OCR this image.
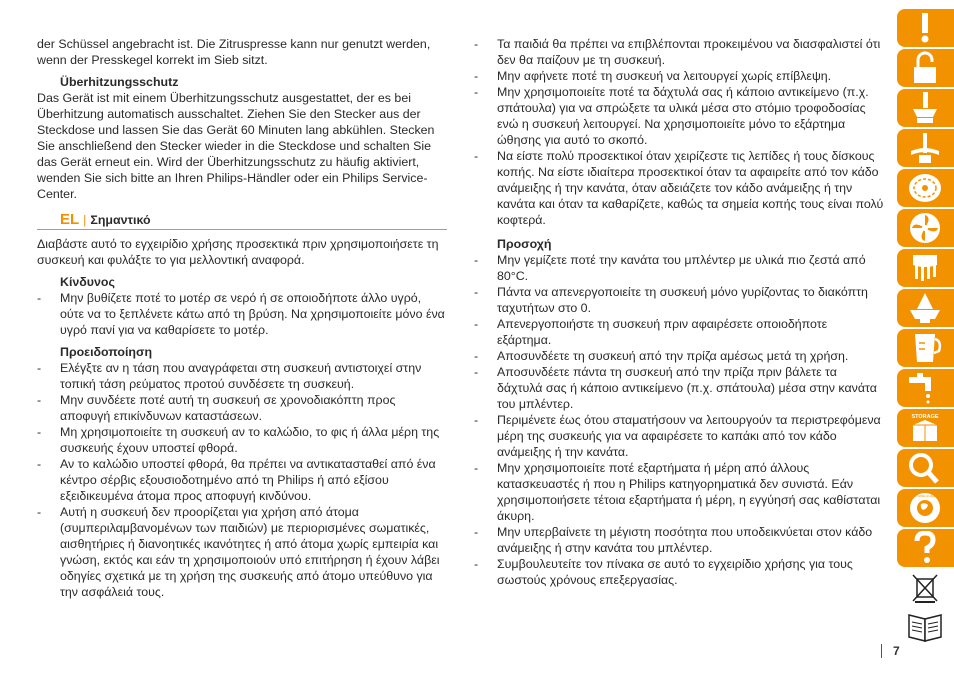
der Schüssel angebracht ist. Die Zitruspresse kann nur genutzt werden, wenn der Presskegel korrekt im Sieb sitzt.

Überhitzungsschutz

Das Gerät ist mit einem Überhitzungsschutz ausgestattet, der es bei Überhitzung automatisch ausschaltet. Ziehen Sie den Stecker aus der Steckdose und lassen Sie das Gerät 60 Minuten lang abkühlen. Stecken Sie anschließend den Stecker wieder in die Steckdose und schalten Sie das Gerät erneut ein. Wird der Überhitzungsschutz zu häufig aktiviert, wenden Sie sich bitte an Ihren Philips-Händler oder ein Philips Service-Center.

EL | Σημαντικό

Διαβάστε αυτό το εγχειρίδιο χρήσης προσεκτικά πριν χρησιμοποιήσετε τη συσκευή και φυλάξτε το για μελλοντική αναφορά.

Κίνδυνος

- Μην βυθίζετε ποτέ το μοτέρ σε νερό ή σε οποιοδήποτε άλλο υγρό, ούτε να το ξεπλένετε κάτω από τη βρύση. Να χρησιμοποιείτε μόνο ένα υγρό πανί για να καθαρίσετε το μοτέρ.

Προειδοποίηση

- Ελέγξτε αν η τάση που αναγράφεται στη συσκευή αντιστοιχεί στην τοπική τάση ρεύματος προτού συνδέσετε τη συσκευή.
- Μην συνδέετε ποτέ αυτή τη συσκευή σε χρονοδιακόπτη προς αποφυγή επικίνδυνων καταστάσεων.
- Μη χρησιμοποιείτε τη συσκευή αν το καλώδιο, το φις ή άλλα μέρη της συσκευής έχουν υποστεί φθορά.
- Αν το καλώδιο υποστεί φθορά, θα πρέπει να αντικατασταθεί από ένα κέντρο σέρβις εξουσιοδοτημένο από τη Philips ή από εξίσου εξειδικευμένα άτομα προς αποφυγή κινδύνου.
- Αυτή η συσκευή δεν προορίζεται για χρήση από άτομα (συμπεριλαμβανομένων των παιδιών) με περιορισμένες σωματικές, αισθητήριες ή διανοητικές ικανότητες ή από άτομα χωρίς εμπειρία και γνώση, εκτός και εάν τη χρησιμοποιούν υπό επιτήρηση ή έχουν λάβει οδηγίες σχετικά με τη χρήση της συσκευής από άτομο υπεύθυνο για την ασφάλειά τους.
- Τα παιδιά θα πρέπει να επιβλέπονται προκειμένου να διασφαλιστεί ότι δεν θα παίζουν με τη συσκευή.
- Μην αφήνετε ποτέ τη συσκευή να λειτουργεί χωρίς επίβλεψη.
- Μην χρησιμοποιείτε ποτέ τα δάχτυλά σας ή κάποιο αντικείμενο (π.χ. σπάτουλα) για να σπρώξετε τα υλικά μέσα στο στόμιο τροφοδοσίας ενώ η συσκευή λειτουργεί. Να χρησιμοποιείτε μόνο το εξάρτημα ώθησης για αυτό το σκοπό.
- Να είστε πολύ προσεκτικοί όταν χειρίζεστε τις λεπίδες ή τους δίσκους κοπής. Να είστε ιδιαίτερα προσεκτικοί όταν τα αφαιρείτε από τον κάδο ανάμειξης ή την κανάτα, όταν αδειάζετε τον κάδο ανάμειξης ή την κανάτα και όταν τα καθαρίζετε, καθώς τα σημεία κοπής τους είναι πολύ κοφτερά.

Προσοχή

- Μην γεμίζετε ποτέ την κανάτα του μπλέντερ με υλικά πιο ζεστά από 80°C.
- Πάντα να απενεργοποιείτε τη συσκευή μόνο γυρίζοντας το διακόπτη ταχυτήτων στο 0.
- Απενεργοποιήστε τη συσκευή πριν αφαιρέσετε οποιοδήποτε εξάρτημα.
- Αποσυνδέετε τη συσκευή από την πρίζα αμέσως μετά τη χρήση.
- Αποσυνδέετε πάντα τη συσκευή από την πρίζα πριν βάλετε τα δάχτυλά σας ή κάποιο αντικείμενο (π.χ. σπάτουλα) μέσα στην κανάτα του μπλέντερ.
- Περιμένετε έως ότου σταματήσουν να λειτουργούν τα περιστρεφόμενα μέρη της συσκευής για να αφαιρέσετε το καπάκι από τον κάδο ανάμειξης ή την κανάτα.
- Μην χρησιμοποιείτε ποτέ εξαρτήματα ή μέρη από άλλους κατασκευαστές ή που η Philips κατηγορηματικά δεν συνιστά. Εάν χρησιμοποιήσετε τέτοια εξαρτήματα ή μέρη, η εγγύησή σας καθίσταται άκυρη.
- Μην υπερβαίνετε τη μέγιστη ποσότητα που υποδεικνύεται στον κάδο ανάμειξης ή στην κανάτα του μπλέντερ.
- Συμβουλευτείτε τον πίνακα σε αυτό το εγχειρίδιο χρήσης για τους σωστούς χρόνους επεξεργασίας.
STORAGE
WORLD WIDE GUARANTEE
7
